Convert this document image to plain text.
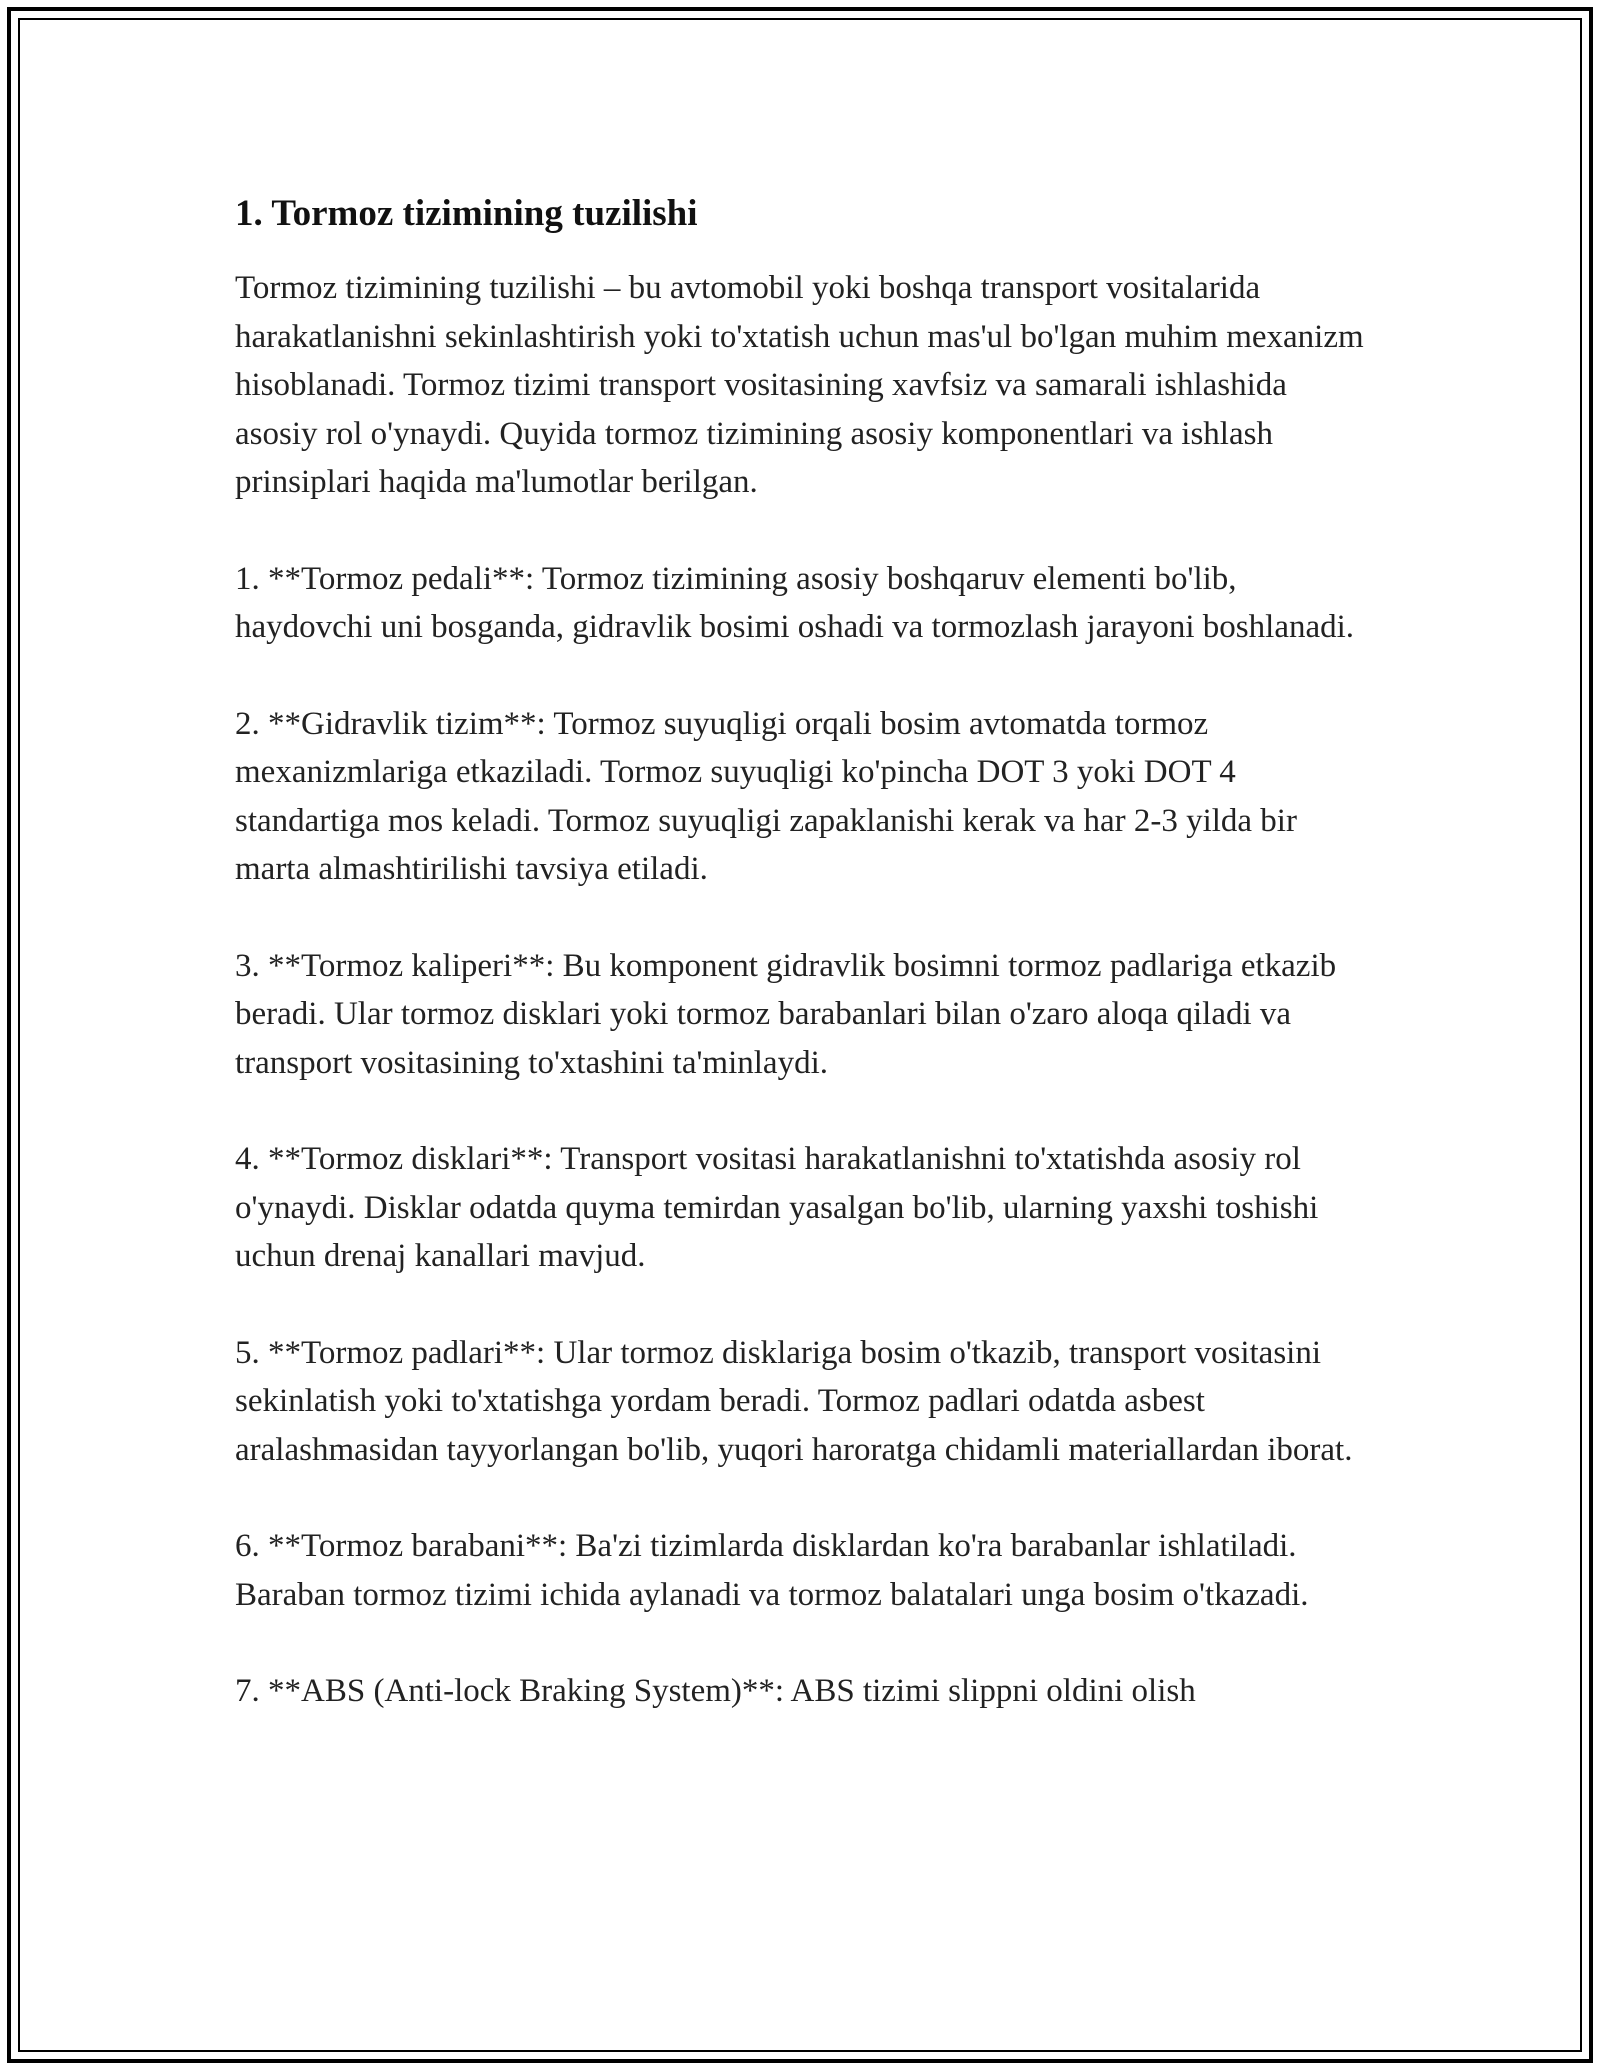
1. Tormoz tizimining tuzilishi

Tormoz tizimining tuzilishi – bu avtomobil yoki boshqa transport vositalarida harakatlanishni sekinlashtirish yoki to'xtatish uchun mas'ul bo'lgan muhim mexanizm hisoblanadi. Tormoz tizimi transport vositasining xavfsiz va samarali ishlashida asosiy rol o'ynaydi. Quyida tormoz tizimining asosiy komponentlari va ishlash prinsiplari haqida ma'lumotlar berilgan.

1. **Tormoz pedali**: Tormoz tizimining asosiy boshqaruv elementi bo'lib, haydovchi uni bosganda, gidravlik bosimi oshadi va tormozlash jarayoni boshlanadi.

2. **Gidravlik tizim**: Tormoz suyuqligi orqali bosim avtomatda tormoz mexanizmlariga etkaziladi. Tormoz suyuqligi ko'pincha DOT 3 yoki DOT 4 standartiga mos keladi. Tormoz suyuqligi zapaklanishi kerak va har 2-3 yilda bir marta almashtirilishi tavsiya etiladi.

3. **Tormoz kaliperi**: Bu komponent gidravlik bosimni tormoz padlariga etkazib beradi. Ular tormoz disklari yoki tormoz barabanlari bilan o'zaro aloqa qiladi va transport vositasining to'xtashini ta'minlaydi.

4. **Tormoz disklari**: Transport vositasi harakatlanishni to'xtatishda asosiy rol o'ynaydi. Disklar odatda quyma temirdan yasalgan bo'lib, ularning yaxshi toshishi uchun drenaj kanallari mavjud.

5. **Tormoz padlari**: Ular tormoz disklariga bosim o'tkazib, transport vositasini sekinlatish yoki to'xtatishga yordam beradi. Tormoz padlari odatda asbest aralashmasidan tayyorlangan bo'lib, yuqori haroratga chidamli materiallardan iborat.

6. **Tormoz barabani**: Ba'zi tizimlarda disklardan ko'ra barabanlar ishlatiladi. Baraban tormoz tizimi ichida aylanadi va tormoz balatalari unga bosim o'tkazadi.

7. **ABS (Anti-lock Braking System)**: ABS tizimi slippni oldini olish
